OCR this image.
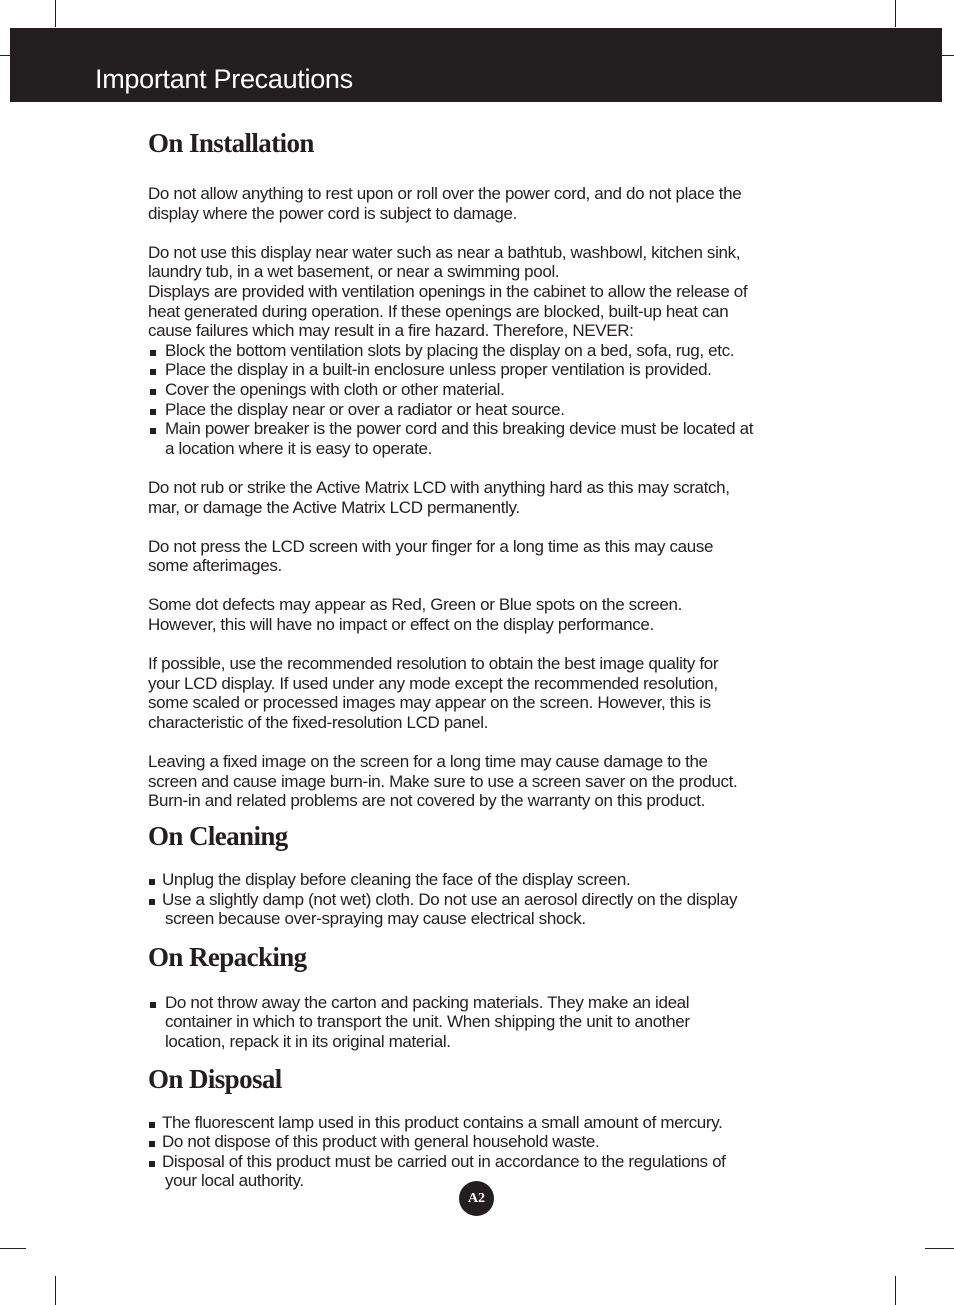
Important Precautions
On Installation

Do not allow anything to rest upon or roll over the power cord, and do not place the
display where the power cord is subject to damage.

Do not use this display near water such as near a bathtub, washbowl, kitchen sink,
laundry tub, in a wet basement, or near a swimming pool.
Displays are provided with ventilation openings in the cabinet to allow the release of
heat generated during operation. If these openings are blocked, built-up heat can
cause failures which may result in a fire hazard. Therefore, NEVER:

Block the bottom ventilation slots by placing the display on a bed, sofa, rug, etc.
Place the display in a built-in enclosure unless proper ventilation is provided.
Cover the openings with cloth or other material.
Place the display near or over a radiator or heat source.
Main power breaker is the power cord and this breaking device must be located at
a location where it is easy to operate.

Do not rub or strike the Active Matrix LCD with anything hard as this may scratch,
mar, or damage the Active Matrix LCD permanently.

Do not press the LCD screen with your finger for a long time as this may cause
some afterimages.

Some dot defects may appear as Red, Green or Blue spots on the screen.
However, this will have no impact or effect on the display performance.

If possible, use the recommended resolution to obtain the best image quality for
your LCD display. If used under any mode except the recommended resolution,
some scaled or processed images may appear on the screen. However, this is
characteristic of the fixed-resolution LCD panel.

Leaving a fixed image on the screen for a long time may cause damage to the
screen and cause image burn-in. Make sure to use a screen saver on the product.
Burn-in and related problems are not covered by the warranty on this product.

On Cleaning
Unplug the display before cleaning the face of the display screen.
Use a slightly damp (not wet) cloth. Do not use an aerosol directly on the display
screen because over-spraying may cause electrical shock.
On Repacking
Do not throw away the carton and packing materials. They make an ideal
container in which to transport the unit. When shipping the unit to another
location, repack it in its original material.
On Disposal
The fluorescent lamp used in this product contains a small amount of mercury.
Do not dispose of this product with general household waste.
Disposal of this product must be carried out in accordance to the regulations of
your local authority.
A2
